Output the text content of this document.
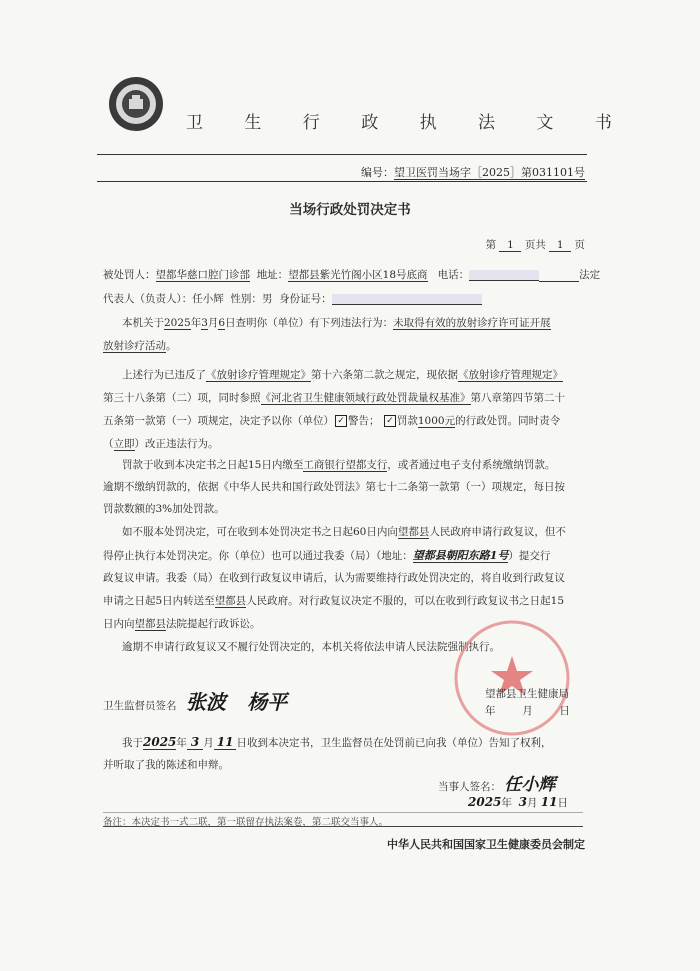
卫 生 行 政 执 法 文 书
编号：望卫医罚当场字［2025］第031101号
当场行政处罚决定书
第 1 页共 1 页
被处罚人：望都华慈口腔门诊部 地址：望都县紫光竹阁小区18号底商 电话：	法定
代表人（负责人）：任小辉 性别：男 身份证号：
本机关于2025年3月6日查明你（单位）有下列违法行为：未取得有效的放射诊疗许可证开展
放射诊疗活动。
上述行为已违反了《放射诊疗管理规定》第十六条第二款之规定，现依据《放射诊疗管理规定》
第三十八条第（二）项，同时参照《河北省卫生健康领域行政处罚裁量权基准》第八章第四节第二十
五条第一款第（一）项规定，决定予以你（单位） ✓ 警告； ✓ 罚款1000元的行政处罚。同时责令
（立即）改正违法行为。
罚款于收到本决定书之日起15日内缴至工商银行望都支行，或者通过电子支付系统缴纳罚款。
逾期不缴纳罚款的，依据《中华人民共和国行政处罚法》第七十二条第一款第（一）项规定，每日按
罚款数额的3%加处罚款。
如不服本处罚决定，可在收到本处罚决定书之日起60日内向望都县人民政府申请行政复议，但不
得停止执行本处罚决定。你（单位）也可以通过我委（局）（地址：望都县朝阳东路1号）提交行
政复议申请。我委（局）在收到行政复议申请后，认为需要维持行政处罚决定的，将自收到行政复议
申请之日起5日内转送至望都县人民政府。对行政复议决定不服的，可以在收到行政复议书之日起15
日内向望都县法院提起行政诉讼。
逾期不申请行政复议又不履行处罚决定的，本机关将依法申请人民法院强制执行。
卫生监督员签名 张波 杨平	望都县卫生健康局
年	月	日
我于2025年 3 月 11 日收到本决定书，卫生监督员在处罚前已向我（单位）告知了权利，
并听取了我的陈述和申辩。
当事人签名： 任小辉
2025年 3月 11日
备注：本决定书一式二联，第一联留存执法案卷，第二联交当事人。
中华人民共和国国家卫生健康委员会制定
